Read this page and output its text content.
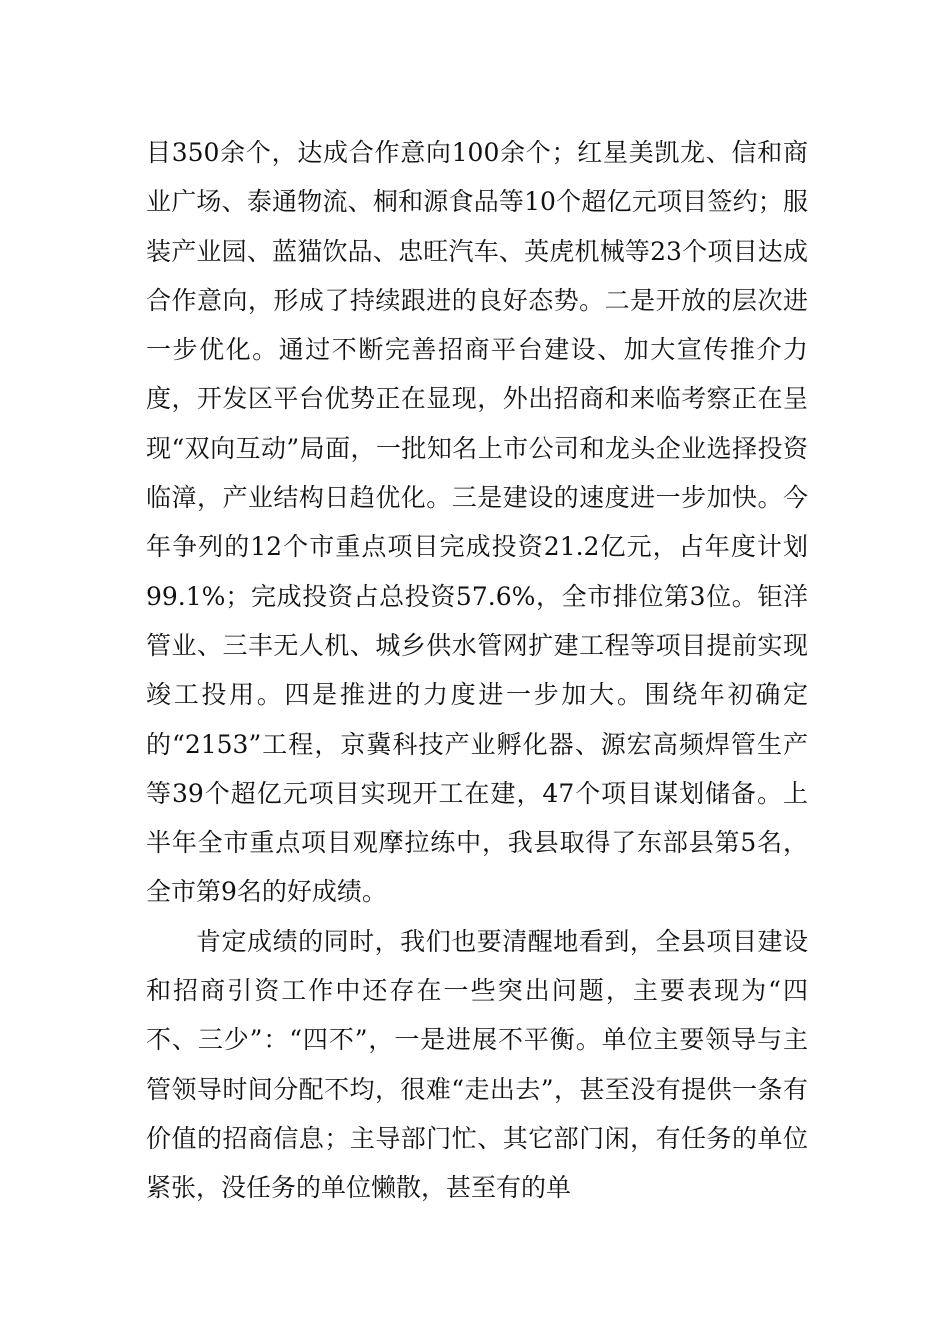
目350余个，达成合作意向100余个；红星美凯龙、信和商业广场、泰通物流、桐和源食品等10个超亿元项目签约；服装产业园、蓝猫饮品、忠旺汽车、英虎机械等23个项目达成合作意向，形成了持续跟进的良好态势。二是开放的层次进一步优化。通过不断完善招商平台建设、加大宣传推介力度，开发区平台优势正在显现，外出招商和来临考察正在呈现“双向互动”局面，一批知名上市公司和龙头企业选择投资临漳，产业结构日趋优化。三是建设的速度进一步加快。今年争列的12个市重点项目完成投资21.2亿元，占年度计划99.1%；完成投资占总投资57.6%，全市排位第3位。钜洋管业、三丰无人机、城乡供水管网扩建工程等项目提前实现竣工投用。四是推进的力度进一步加大。围绕年初确定的“2153”工程，京冀科技产业孵化器、源宏高频焊管生产等39个超亿元项目实现开工在建，47个项目谋划储备。上半年全市重点项目观摩拉练中，我县取得了东部县第5名，全市第9名的好成绩。

肯定成绩的同时，我们也要清醒地看到，全县项目建设和招商引资工作中还存在一些突出问题，主要表现为“四不、三少”：“四不”，一是进展不平衡。单位主要领导与主管领导时间分配不均，很难“走出去”，甚至没有提供一条有价值的招商信息；主导部门忙、其它部门闲，有任务的单位紧张，没任务的单位懒散，甚至有的单
